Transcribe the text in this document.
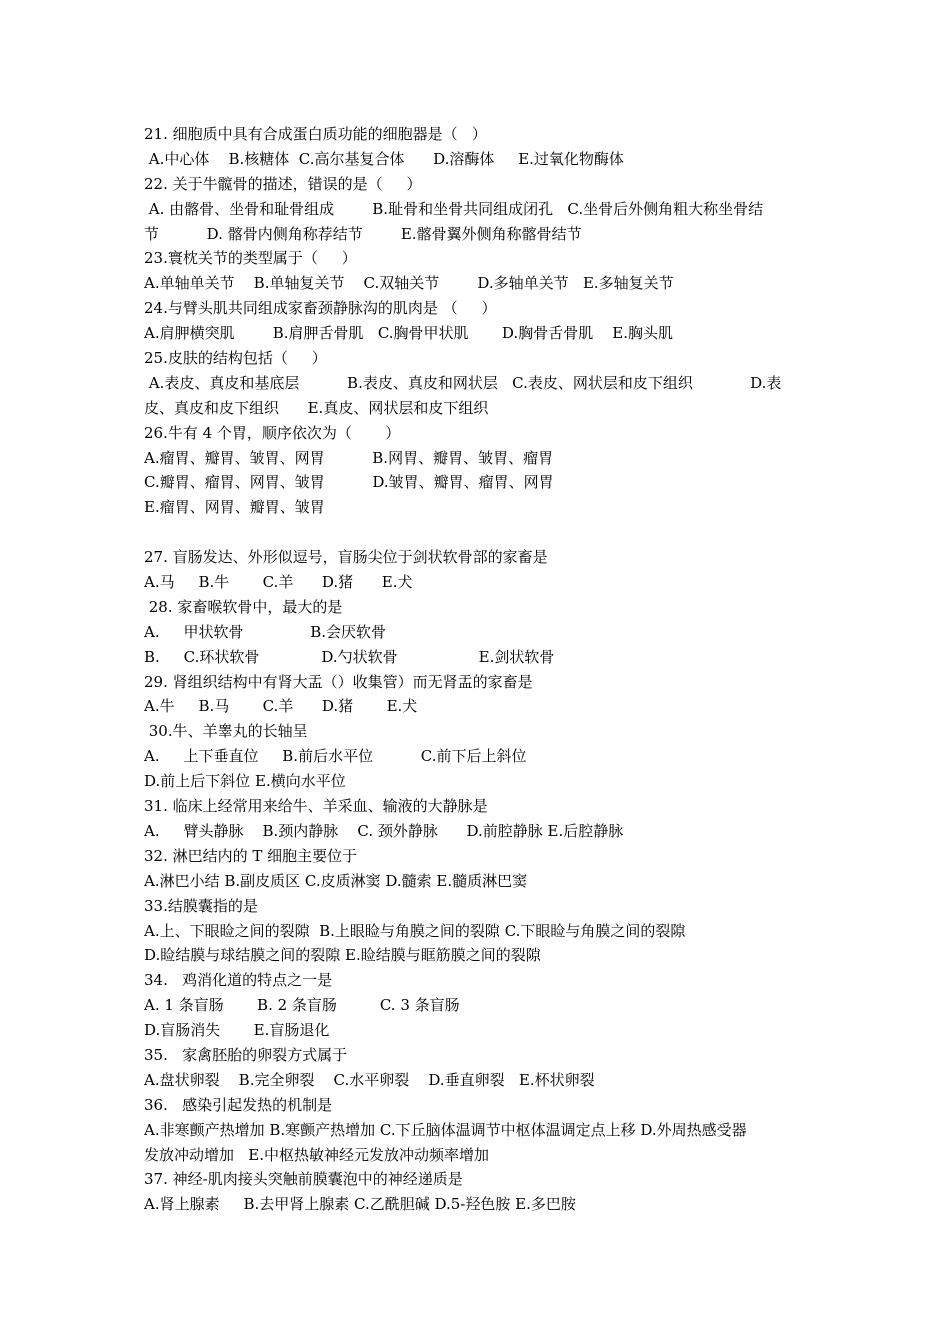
21. 细胞质中具有合成蛋白质功能的细胞器是（   ）
A.中心体    B.核糖体  C.高尔基复合体      D.溶酶体     E.过氧化物酶体
22. 关于牛髋骨的描述，错误的是（     ）
A. 由髂骨、坐骨和耻骨组成        B.耻骨和坐骨共同组成闭孔   C.坐骨后外侧角粗大称坐骨结
节          D. 髂骨内侧角称荐结节        E.髂骨翼外侧角称髂骨结节
23.寰枕关节的类型属于（     ）
A.单轴单关节    B.单轴复关节    C.双轴关节        D.多轴单关节   E.多轴复关节
24.与臂头肌共同组成家畜颈静脉沟的肌肉是 （     ）
A.肩胛横突肌        B.肩胛舌骨肌   C.胸骨甲状肌       D.胸骨舌骨肌    E.胸头肌
25.皮肤的结构包括（     ）
A.表皮、真皮和基底层          B.表皮、真皮和网状层   C.表皮、网状层和皮下组织            D.表
皮、真皮和皮下组织      E.真皮、网状层和皮下组织
26.牛有 4 个胃，顺序依次为（       ）
A.瘤胃、瓣胃、皱胃、网胃          B.网胃、瓣胃、皱胃、瘤胃
C.瓣胃、瘤胃、网胃、皱胃          D.皱胃、瓣胃、瘤胃、网胃
E.瘤胃、网胃、瓣胃、皱胃
27. 盲肠发达、外形似逗号，盲肠尖位于剑状软骨部的家畜是
A.马     B.牛       C.羊      D.猪      E.犬
28. 家畜喉软骨中，最大的是
A.     甲状软骨              B.会厌软骨
B.     C.环状软骨             D.勺状软骨                 E.剑状软骨
29. 肾组织结构中有肾大盂（）收集管）而无肾盂的家畜是
A.牛     B.马       C.羊      D.猪       E.犬
30.牛、羊睾丸的长轴呈
A.     上下垂直位     B.前后水平位          C.前下后上斜位
D.前上后下斜位 E.横向水平位
31. 临床上经常用来给牛、羊采血、输液的大静脉是
A.     臂头静脉    B.颈内静脉    C. 颈外静脉      D.前腔静脉 E.后腔静脉
32. 淋巴结内的 T 细胞主要位于
A.淋巴小结 B.副皮质区 C.皮质淋窦 D.髓索 E.髓质淋巴窦
33.结膜囊指的是
A.上、下眼睑之间的裂隙  B.上眼睑与角膜之间的裂隙 C.下眼睑与角膜之间的裂隙
D.睑结膜与球结膜之间的裂隙 E.睑结膜与眶筋膜之间的裂隙
34.   鸡消化道的特点之一是
A. 1 条盲肠       B. 2 条盲肠         C. 3 条盲肠
D.盲肠消失       E.盲肠退化
35.   家禽胚胎的卵裂方式属于
A.盘状卵裂    B.完全卵裂    C.水平卵裂    D.垂直卵裂   E.杯状卵裂
36.   感染引起发热的机制是
A.非寒颤产热增加 B.寒颤产热增加 C.下丘脑体温调节中枢体温调定点上移 D.外周热感受器
发放冲动增加   E.中枢热敏神经元发放冲动频率增加
37. 神经-肌肉接头突触前膜囊泡中的神经递质是
A.肾上腺素     B.去甲肾上腺素 C.乙酰胆碱 D.5-羟色胺 E.多巴胺
